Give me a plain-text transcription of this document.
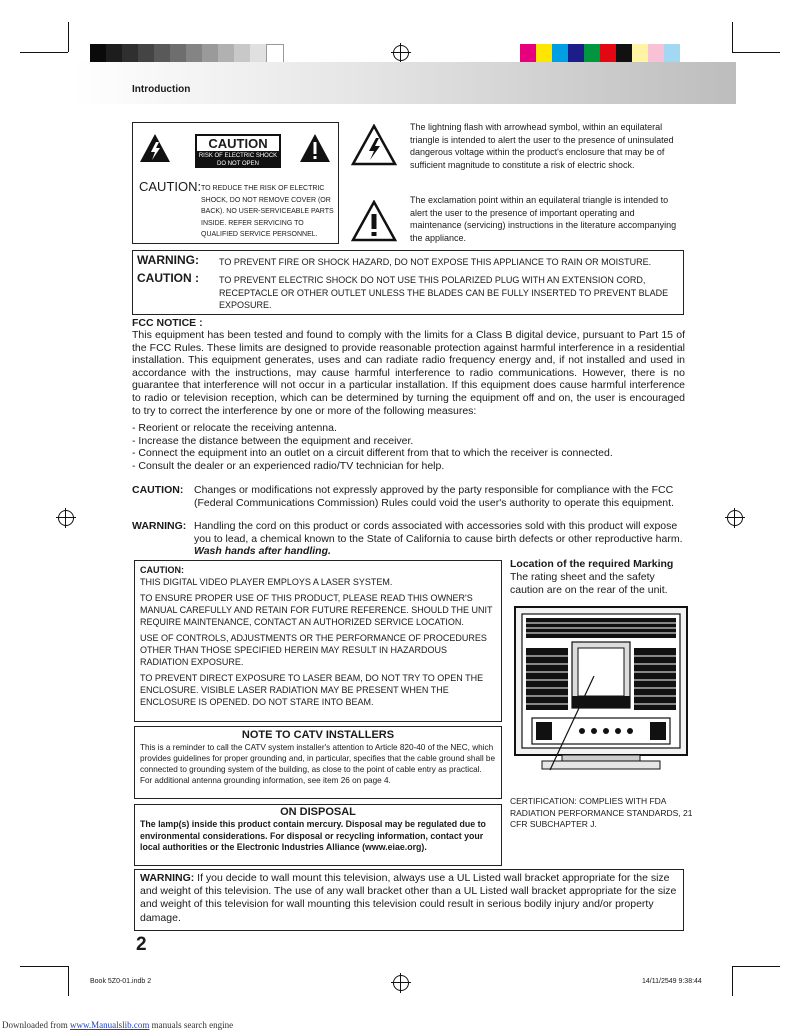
Introduction
CAUTION
RISK OF ELECTRIC SHOCK
DO NOT OPEN
CAUTION: TO REDUCE THE RISK OF ELECTRIC SHOCK, DO NOT REMOVE COVER (OR BACK). NO USER-SERVICEABLE PARTS INSIDE. REFER SERVICING TO QUALIFIED SERVICE PERSONNEL.
The lightning flash with arrowhead symbol, within an equilateral triangle is intended to alert the user to the presence of uninsulated dangerous voltage within the product's enclosure that may be of sufficient magnitude to constitute a risk of electric shock.
The exclamation point within an equilateral triangle is intended to alert the user to the presence of important operating and maintenance (servicing) instructions in the literature accompanying the appliance.
WARNING: TO PREVENT FIRE OR SHOCK HAZARD, DO NOT EXPOSE THIS APPLIANCE TO RAIN OR MOISTURE.
CAUTION : TO PREVENT ELECTRIC SHOCK DO NOT USE THIS POLARIZED PLUG WITH AN EXTENSION CORD, RECEPTACLE OR OTHER OUTLET UNLESS THE BLADES CAN BE FULLY INSERTED TO PREVENT BLADE EXPOSURE.
FCC NOTICE :
This equipment has been tested and found to comply with the limits for a Class B digital device, pursuant to Part 15 of the FCC Rules. These limits are designed to provide reasonable protection against harmful interference in a residential installation. This equipment generates, uses and can radiate radio frequency energy and, if not installed and used in accordance with the instructions, may cause harmful interference to radio communications. However, there is no guarantee that interference will not occur in a particular installation. If this equipment does cause harmful interference to radio or television reception, which can be determined by turning the equipment off and on, the user is encouraged to try to correct the interference by one or more of the following measures:
- Reorient or relocate the receiving antenna.
- Increase the distance between the equipment and receiver.
- Connect the equipment into an outlet on a circuit different from that to which the receiver is connected.
- Consult the dealer or an experienced radio/TV technician for help.
CAUTION:	Changes or modifications not expressly approved by the party responsible for compliance with the FCC (Federal Communications Commission) Rules could void the user's authority to operate this equipment.
WARNING: Handling the cord on this product or cords associated with accessories sold with this product will expose you to lead, a chemical known to the State of California to cause birth defects or other reproductive harm. Wash hands after handling.
CAUTION:
THIS DIGITAL VIDEO PLAYER EMPLOYS A LASER SYSTEM.
TO ENSURE PROPER USE OF THIS PRODUCT, PLEASE READ THIS OWNER'S MANUAL CAREFULLY AND RETAIN FOR FUTURE REFERENCE. SHOULD THE UNIT REQUIRE MAINTENANCE, CONTACT AN AUTHORIZED SERVICE LOCATION.
USE OF CONTROLS, ADJUSTMENTS OR THE PERFORMANCE OF PROCEDURES OTHER THAN THOSE SPECIFIED HEREIN MAY RESULT IN HAZARDOUS RADIATION EXPOSURE.
TO PREVENT DIRECT EXPOSURE TO LASER BEAM, DO NOT TRY TO OPEN THE ENCLOSURE. VISIBLE LASER RADIATION MAY BE PRESENT WHEN THE ENCLOSURE IS OPENED. DO NOT STARE INTO BEAM.
NOTE TO CATV INSTALLERS
This is a reminder to call the CATV system installer's attention to Article 820-40 of the NEC, which provides guidelines for proper grounding and, in particular, specifies that the cable ground shall be connected to grounding system of the building, as close to the point of cable entry as practical. For additional antenna grounding information, see item 26 on page 4.
ON DISPOSAL
The lamp(s) inside this product contain mercury. Disposal may be regulated due to environmental considerations. For disposal or recycling information, contact your local authorities or the Electronic Industries Alliance (www.eiae.org).
Location of the required Marking
The rating sheet and the safety caution are on the rear of the unit.
CERTIFICATION: COMPLIES WITH FDA RADIATION PERFORMANCE STANDARDS, 21 CFR SUBCHAPTER J.
WARNING: If you decide to wall mount this television, always use a UL Listed wall bracket appropriate for the size and weight of this television. The use of any wall bracket other than a UL Listed wall bracket appropriate for the size and weight of this television for wall mounting this television could result in serious bodily injury and/or property damage.
2
Book 5Z0-01.indb 2	14/11/2549 9:38:44
Downloaded from www.Manualslib.com manuals search engine
